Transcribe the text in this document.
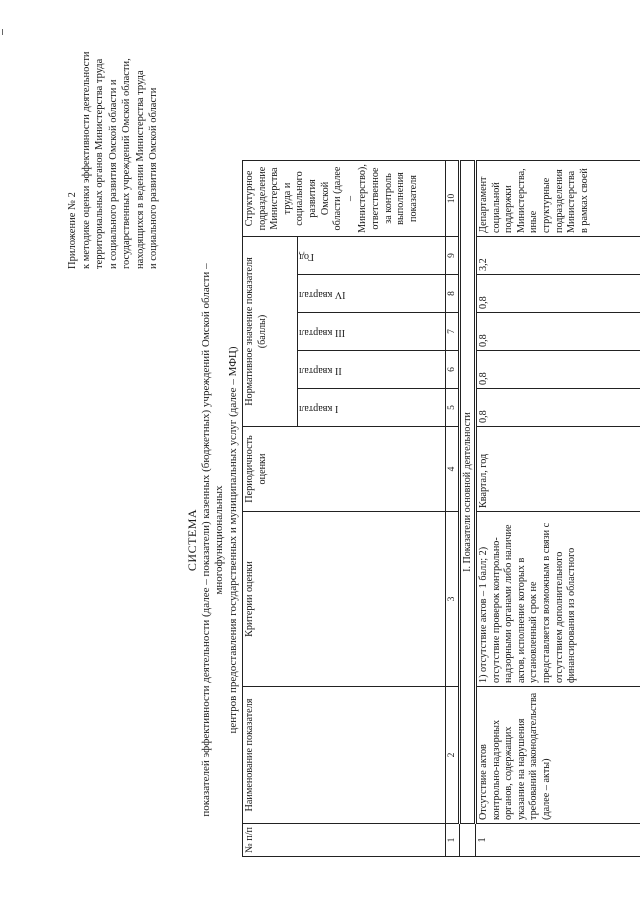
Приложение № 2 к методике оценки эффективности деятельности территориальных органов Министерства труда и социального развития Омской области и государственных учреждений Омской области, находящихся в ведении Министерства труда и социального развития Омской области
СИСТЕМА показателей эффективности деятельности (далее – показатели) казенных (бюджетных) учреждений Омской области – многофункциональных центров предоставления государственных и муниципальных услуг (далее – МФЦ)
№ п/п	Наименование показателя	Критерии оценки	Периодичность оценки	Нормативное значение показателя (баллы)					Структурное подразделение Министерства труда и социального развития Омской области (далее – Министерство), ответственное за контроль выполнения показателя
				I квартал	II квартал	III квартал	IV квартал	Год	
1	2	3	4	5	6	7	8	9	10
	I. Показатели основной деятельности								
1	Отсутствие актов контрольно-надзорных органов, содержащих указание на нарушения требований законодательства (далее – акты)	1) отсутствие актов – 1 балл; 2) отсутствие проверок контрольно-надзорными органами либо наличие актов, исполнение которых в установленный срок не представляется возможным в связи с отсутствием дополнительного финансирования из областного	Квартал, год	0,8	0,8	0,8	0,8	3,2	Департамент социальной поддержки Министерства, иные структурные подразделения Министерства в рамках своей
